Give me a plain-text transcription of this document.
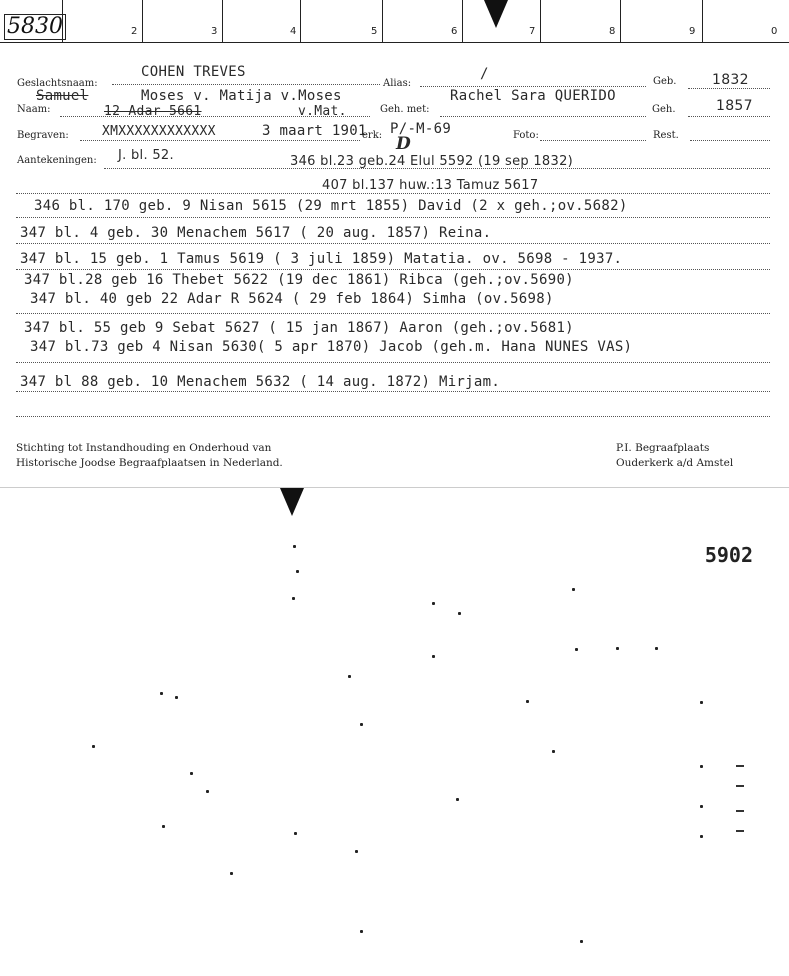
5830	2	3	4	5	6	7	8	9	0
Geslachtsnaam:
COHEN TREVES
Alias:
/	Geb.	1832
Samuel	Moses v. Matija v.Moses	Rachel Sara QUERIDO
Naam:	12 Adar 5661	v.Mat.	Geh. met:	Geh.	1857
Begraven:	XMXXXXXXXXXXXX	3 maart 1901
erk: P/-M-69	Foto:	Rest.
Aantekeningen: J. bl. 52.	346 bl.23 geb.24 Elul 5592 (19 sep 1832)
D
407 bl.137 huw.:13 Tamuz 5617
346 bl. 170 geb. 9 Nisan 5615 (29 mrt 1855) David (2 x geh.;ov.5682)
347 bl. 4 geb. 30 Menachem 5617 ( 20 aug. 1857) Reina.
347 bl. 15 geb. 1 Tamus 5619 ( 3 juli 1859) Matatia. ov. 5698 - 1937.
347 bl.28 geb 16 Thebet 5622 (19 dec 1861) Ribca (geh.;ov.5690)
347 bl. 40 geb 22 Adar R 5624 ( 29 feb 1864) Simha (ov.5698)
347 bl. 55 geb 9 Sebat 5627 ( 15 jan 1867) Aaron (geh.;ov.5681)
347 bl.73 geb 4 Nisan 5630( 5 apr 1870) Jacob (geh.m. Hana NUNES VAS)
347 bl 88 geb. 10 Menachem 5632 ( 14 aug. 1872) Mirjam.
Stichting tot Instandhouding en Onderhoud van
Historische Joodse Begraafplaatsen in Nederland.
P.I. Begraafplaats
Ouderkerk a/d Amstel
5902
